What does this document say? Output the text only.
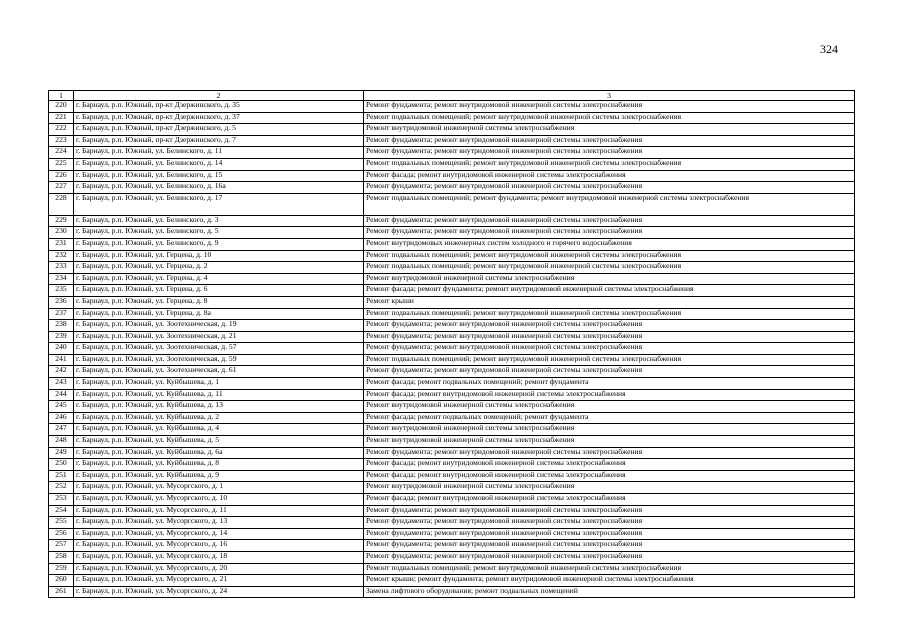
324
1	2	3
220	г. Барнаул, р.п. Южный, пр-кт Дзержинского, д. 35	Ремонт фундамента; ремонт внутридомовой инженерной системы электроснабжения
221	г. Барнаул, р.п. Южный, пр-кт Дзержинского, д. 37	Ремонт подвальных помещений; ремонт внутридомовой инженерной системы электроснабжения
222	г. Барнаул, р.п. Южный, пр-кт Дзержинского, д. 5	Ремонт внутридомовой инженерной системы электроснабжения
223	г. Барнаул, р.п. Южный, пр-кт Дзержинского, д. 7	Ремонт фундамента; ремонт внутридомовой инженерной системы электроснабжения
224	г. Барнаул, р.п. Южный, ул. Белинского, д. 11	Ремонт фундамента; ремонт внутридомовой инженерной системы электроснабжения
225	г. Барнаул, р.п. Южный, ул. Белинского, д. 14	Ремонт подвальных помещений; ремонт внутридомовой инженерной системы электроснабжения
226	г. Барнаул, р.п. Южный, ул. Белинского, д. 15	Ремонт фасада; ремонт внутридомовой инженерной системы электроснабжения
227	г. Барнаул, р.п. Южный, ул. Белинского, д. 16а	Ремонт фундамента; ремонт внутридомовой инженерной системы электроснабжения
228	г. Барнаул, р.п. Южный, ул. Белинского, д. 17	Ремонт подвальных помещений; ремонт фундамента; ремонт внутридомовой инженерной системы электроснабжения
229	г. Барнаул, р.п. Южный, ул. Белинского, д. 3	Ремонт фундамента; ремонт внутридомовой инженерной системы электроснабжения
230	г. Барнаул, р.п. Южный, ул. Белинского, д. 5	Ремонт фундамента; ремонт внутридомовой инженерной системы электроснабжения
231	г. Барнаул, р.п. Южный, ул. Белинского, д. 9	Ремонт внутридомовых инженерных систем холодного и горячего водоснабжения
232	г. Барнаул, р.п. Южный, ул. Герцена, д. 10	Ремонт подвальных помещений; ремонт внутридомовой инженерной системы электроснабжения
233	г. Барнаул, р.п. Южный, ул. Герцена, д. 2	Ремонт подвальных помещений; ремонт внутридомовой инженерной системы электроснабжения
234	г. Барнаул, р.п. Южный, ул. Герцена, д. 4	Ремонт внутридомовой инженерной системы электроснабжения
235	г. Барнаул, р.п. Южный, ул. Герцена, д. 6	Ремонт фасада; ремонт фундамента; ремонт внутридомовой инженерной системы электроснабжения
236	г. Барнаул, р.п. Южный, ул. Герцена, д. 8	Ремонт крыши
237	г. Барнаул, р.п. Южный, ул. Герцена, д. 8а	Ремонт подвальных помещений; ремонт внутридомовой инженерной системы электроснабжения
238	г. Барнаул, р.п. Южный, ул. Зоотехническая, д. 19	Ремонт фундамента; ремонт внутридомовой инженерной системы электроснабжения
239	г. Барнаул, р.п. Южный, ул. Зоотехническая, д. 21	Ремонт фундамента; ремонт внутридомовой инженерной системы электроснабжения
240	г. Барнаул, р.п. Южный, ул. Зоотехническая, д. 57	Ремонт фундамента; ремонт внутридомовой инженерной системы электроснабжения
241	г. Барнаул, р.п. Южный, ул. Зоотехническая, д. 59	Ремонт подвальных помещений; ремонт внутридомовой инженерной системы электроснабжения
242	г. Барнаул, р.п. Южный, ул. Зоотехническая, д. 61	Ремонт фундамента; ремонт внутридомовой инженерной системы электроснабжения
243	г. Барнаул, р.п. Южный, ул. Куйбышева, д. 1	Ремонт фасада; ремонт подвальных помещений; ремонт фундамента
244	г. Барнаул, р.п. Южный, ул. Куйбышева, д. 11	Ремонт фасада; ремонт внутридомовой инженерной системы электроснабжения
245	г. Барнаул, р.п. Южный, ул. Куйбышева, д. 13	Ремонт внутридомовой инженерной системы электроснабжения
246	г. Барнаул, р.п. Южный, ул. Куйбышева, д. 2	Ремонт фасада; ремонт подвальных помещений; ремонт фундамента
247	г. Барнаул, р.п. Южный, ул. Куйбышева, д. 4	Ремонт внутридомовой инженерной системы электроснабжения
248	г. Барнаул, р.п. Южный, ул. Куйбышева, д. 5	Ремонт внутридомовой инженерной системы электроснабжения
249	г. Барнаул, р.п. Южный, ул. Куйбышева, д. 6а	Ремонт фундамента; ремонт внутридомовой инженерной системы электроснабжения
250	г. Барнаул, р.п. Южный, ул. Куйбышева, д. 8	Ремонт фасада; ремонт внутридомовой инженерной системы электроснабжения
251	г. Барнаул, р.п. Южный, ул. Куйбышева, д. 9	Ремонт фасада; ремонт внутридомовой инженерной системы электроснабжения
252	г. Барнаул, р.п. Южный, ул. Мусоргского, д. 1	Ремонт внутридомовой инженерной системы электроснабжения
253	г. Барнаул, р.п. Южный, ул. Мусоргского, д. 10	Ремонт фасада; ремонт внутридомовой инженерной системы электроснабжения
254	г. Барнаул, р.п. Южный, ул. Мусоргского, д. 11	Ремонт фундамента; ремонт внутридомовой инженерной системы электроснабжения
255	г. Барнаул, р.п. Южный, ул. Мусоргского, д. 13	Ремонт фундамента; ремонт внутридомовой инженерной системы электроснабжения
256	г. Барнаул, р.п. Южный, ул. Мусоргского, д. 14	Ремонт фундамента; ремонт внутридомовой инженерной системы электроснабжения
257	г. Барнаул, р.п. Южный, ул. Мусоргского, д. 16	Ремонт фундамента; ремонт внутридомовой инженерной системы электроснабжения
258	г. Барнаул, р.п. Южный, ул. Мусоргского, д. 18	Ремонт фундамента; ремонт внутридомовой инженерной системы электроснабжения
259	г. Барнаул, р.п. Южный, ул. Мусоргского, д. 20	Ремонт подвальных помещений; ремонт внутридомовой инженерной системы электроснабжения
260	г. Барнаул, р.п. Южный, ул. Мусоргского, д. 21	Ремонт крыши; ремонт фундамента; ремонт внутридомовой инженерной системы электроснабжения
261	г. Барнаул, р.п. Южный, ул. Мусоргского, д. 24	Замена лифтового оборудования; ремонт подвальных помещений
